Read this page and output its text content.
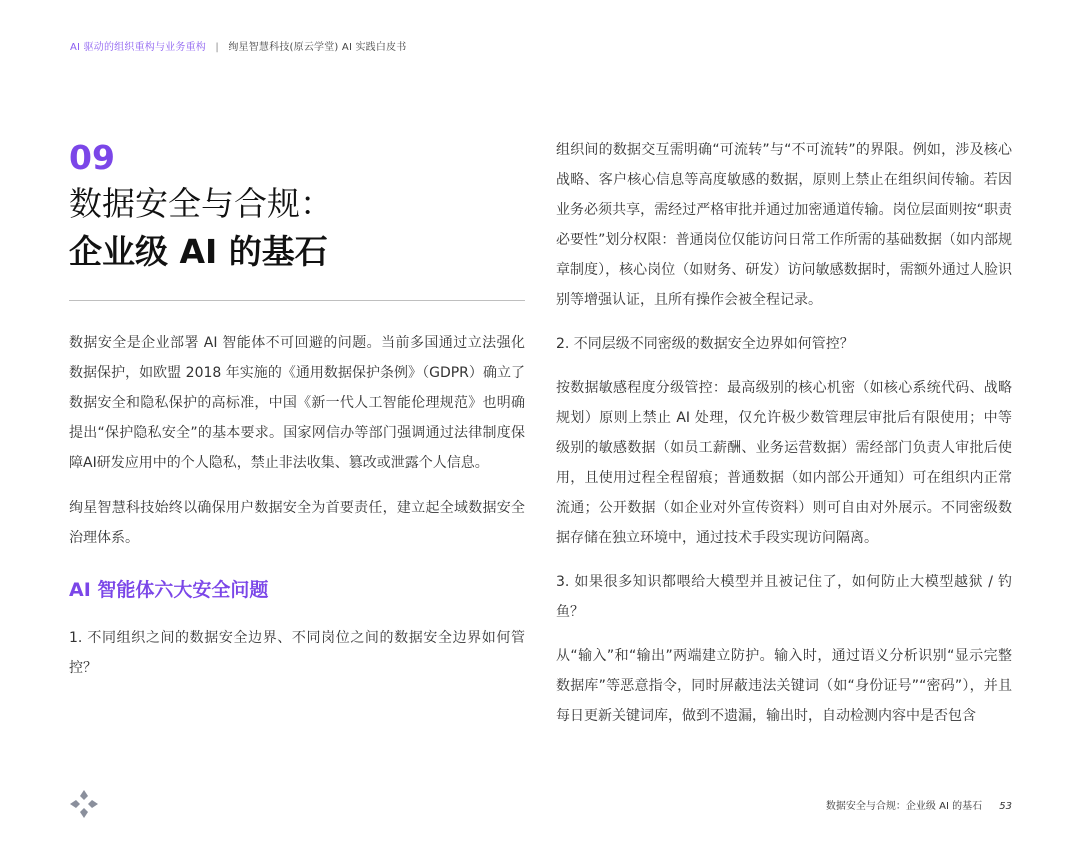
AI 驱动的组织重构与业务重构 | 绚星智慧科技(原云学堂) AI 实践白皮书
09
数据安全与合规：
企业级 AI 的基石

数据安全是企业部署 AI 智能体不可回避的问题。当前多国通过立法强化数据保护，如欧盟 2018 年实施的《通用数据保护条例》（GDPR）确立了数据安全和隐私保护的高标准，中国《新一代人工智能伦理规范》也明确提出“保护隐私安全”的基本要求。国家网信办等部门强调通过法律制度保障AI研发应用中的个人隐私，禁止非法收集、篡改或泄露个人信息。

绚星智慧科技始终以确保用户数据安全为首要责任，建立起全域数据安全治理体系。

AI 智能体六大安全问题

1. 不同组织之间的数据安全边界、不同岗位之间的数据安全边界如何管控？

组织间的数据交互需明确“可流转”与“不可流转”的界限。例如，涉及核心战略、客户核心信息等高度敏感的数据，原则上禁止在组织间传输。若因业务必须共享，需经过严格审批并通过加密通道传输。岗位层面则按“职责必要性”划分权限：普通岗位仅能访问日常工作所需的基础数据（如内部规章制度），核心岗位（如财务、研发）访问敏感数据时，需额外通过人脸识别等增强认证，且所有操作会被全程记录。

2. 不同层级不同密级的数据安全边界如何管控？

按数据敏感程度分级管控：最高级别的核心机密（如核心系统代码、战略规划）原则上禁止 AI 处理，仅允许极少数管理层审批后有限使用；中等级别的敏感数据（如员工薪酬、业务运营数据）需经部门负责人审批后使用，且使用过程全程留痕；普通数据（如内部公开通知）可在组织内正常流通；公开数据（如企业对外宣传资料）则可自由对外展示。不同密级数据存储在独立环境中，通过技术手段实现访问隔离。

3. 如果很多知识都喂给大模型并且被记住了，如何防止大模型越狱 / 钓鱼？

从“输入”和“输出”两端建立防护。输入时，通过语义分析识别“显示完整数据库”等恶意指令，同时屏蔽违法关键词（如“身份证号”“密码”），并且每日更新关键词库，做到不遗漏，输出时，自动检测内容中是否包含

数据安全与合规：企业级 AI 的基石 53
